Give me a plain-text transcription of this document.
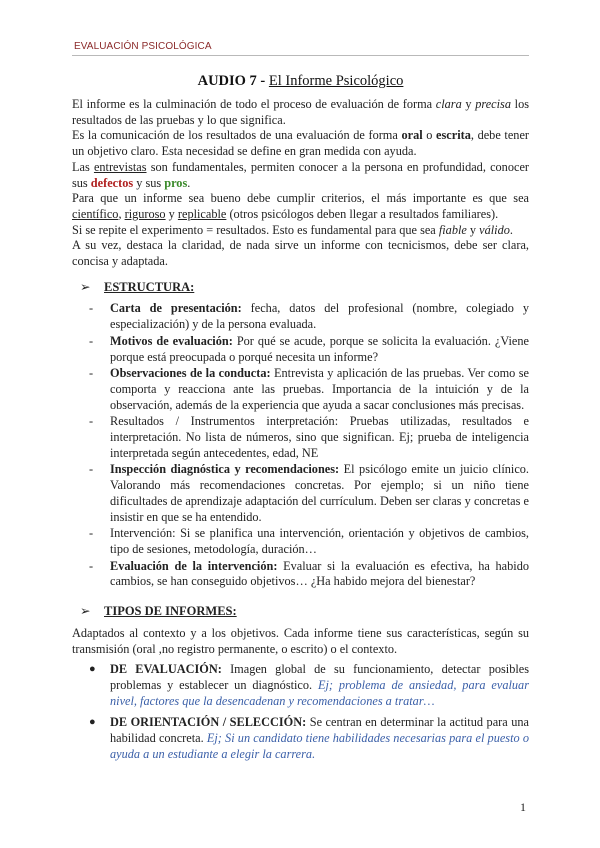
EVALUACIÓN PSICOLÓGICA
AUDIO 7 - El Informe Psicológico

El informe es la culminación de todo el proceso de evaluación de forma clara y precisa los resultados de las pruebas y lo que significa.

Es la comunicación de los resultados de una evaluación de forma oral o escrita, debe tener un objetivo claro. Esta necesidad se define en gran medida con ayuda.

Las entrevistas son fundamentales, permiten conocer a la persona en profundidad, conocer sus defectos y sus pros.

Para que un informe sea bueno debe cumplir criterios, el más importante es que sea científico, riguroso y replicable (otros psicólogos deben llegar a resultados familiares).

Si se repite el experimento = resultados. Esto es fundamental para que sea fiable y válido.

A su vez, destaca la claridad, de nada sirve un informe con tecnicismos, debe ser clara, concisa y adaptada.

➢ ESTRUCTURA:
- Carta de presentación: fecha, datos del profesional (nombre, colegiado y especialización) y de la persona evaluada.
- Motivos de evaluación: Por qué se acude, porque se solicita la evaluación. ¿Viene porque está preocupada o porqué necesita un informe?
- Observaciones de la conducta: Entrevista y aplicación de las pruebas. Ver como se comporta y reacciona ante las pruebas. Importancia de la intuición y de la observación, además de la experiencia que ayuda a sacar conclusiones más precisas.
- Resultados / Instrumentos interpretación: Pruebas utilizadas, resultados e interpretación. No lista de números, sino que significan. Ej; prueba de inteligencia interpretada según antecedentes, edad, NE
- Inspección diagnóstica y recomendaciones: El psicólogo emite un juicio clínico. Valorando más recomendaciones concretas. Por ejemplo; si un niño tiene dificultades de aprendizaje adaptación del currículum. Deben ser claras y concretas e insistir en que se ha entendido.
- Intervención: Si se planifica una intervención, orientación y objetivos de cambios, tipo de sesiones, metodología, duración…
- Evaluación de la intervención: Evaluar si la evaluación es efectiva, ha habido cambios, se han conseguido objetivos… ¿Ha habido mejora del bienestar?
➢ TIPOS DE INFORMES:

Adaptados al contexto y a los objetivos. Cada informe tiene sus características, según su transmisión (oral ,no registro permanente, o escrito) o el contexto.

● DE EVALUACIÓN: Imagen global de su funcionamiento, detectar posibles problemas y establecer un diagnóstico. Ej; problema de ansiedad, para evaluar nivel, factores que la desencadenan y recomendaciones a tratar…
● DE ORIENTACIÓN / SELECCIÓN: Se centran en determinar la actitud para una habilidad concreta. Ej; Si un candidato tiene habilidades necesarias para el puesto o ayuda a un estudiante a elegir la carrera.
1
